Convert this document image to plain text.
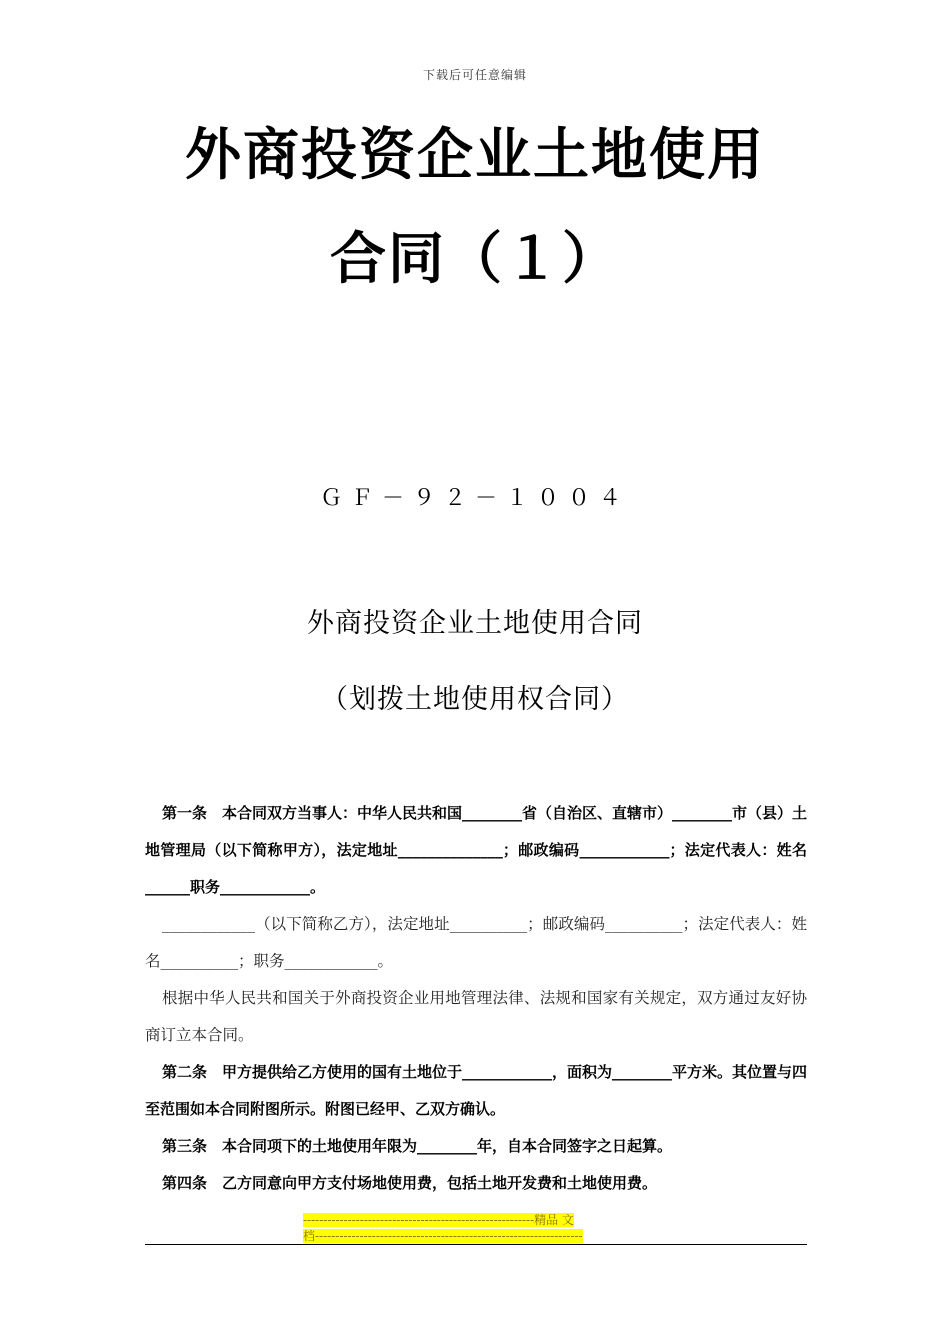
下载后可任意编辑
外商投资企业土地使用
合同（１）
ＧＦ－９２－１００４
外商投资企业土地使用合同
（划拨土地使用权合同）

第一条　本合同双方当事人：中华人民共和国________省（自治区、直辖市）________市（县）土地管理局（以下简称甲方），法定地址______________；邮政编码____________；法定代表人：姓名______职务____________。

____________（以下简称乙方），法定地址__________；邮政编码__________；法定代表人：姓名__________；职务____________。

根据中华人民共和国关于外商投资企业用地管理法律、法规和国家有关规定，双方通过友好协商订立本合同。

第二条　甲方提供给乙方使用的国有土地位于____________，面积为________平方米。其位置与四至范围如本合同附图所示。附图已经甲、乙双方确认。

第三条　本合同项下的土地使用年限为________年，自本合同签字之日起算。

第四条　乙方同意向甲方支付场地使用费，包括土地开发费和土地使用费。

---------------------------------------------------------精品 文
档------------------------------------------------------------------
